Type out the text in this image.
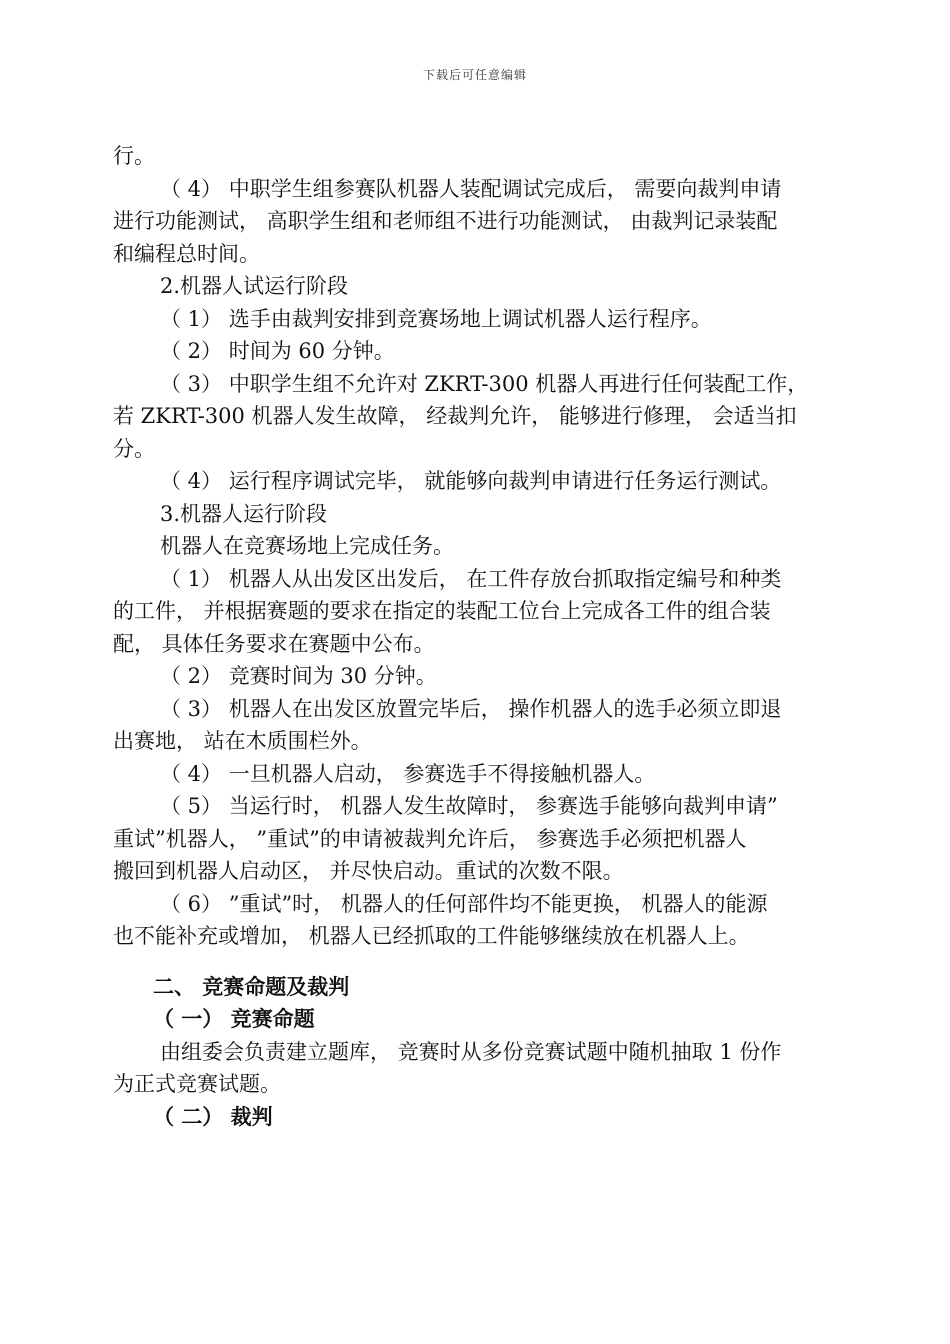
下载后可任意编辑
行。
（ 4） 中职学生组参赛队机器人装配调试完成后， 需要向裁判申请
进行功能测试， 高职学生组和老师组不进行功能测试， 由裁判记录装配
和编程总时间。
2.机器人试运行阶段
（ 1） 选手由裁判安排到竞赛场地上调试机器人运行程序。
（ 2） 时间为 60 分钟。
（ 3） 中职学生组不允许对 ZKRT-300 机器人再进行任何装配工作，
若 ZKRT-300 机器人发生故障， 经裁判允许， 能够进行修理， 会适当扣
分。
（ 4） 运行程序调试完毕， 就能够向裁判申请进行任务运行测试。
3.机器人运行阶段
机器人在竞赛场地上完成任务。
（ 1） 机器人从出发区出发后， 在工件存放台抓取指定编号和种类
的工件， 并根据赛题的要求在指定的装配工位台上完成各工件的组合装
配， 具体任务要求在赛题中公布。
（ 2） 竞赛时间为 30 分钟。
（ 3） 机器人在出发区放置完毕后， 操作机器人的选手必须立即退
出赛地， 站在木质围栏外。
（ 4） 一旦机器人启动， 参赛选手不得接触机器人。
（ 5） 当运行时， 机器人发生故障时， 参赛选手能够向裁判申请”
重试”机器人， ”重试”的申请被裁判允许后， 参赛选手必须把机器人
搬回到机器人启动区， 并尽快启动。重试的次数不限。
（ 6） ”重试”时， 机器人的任何部件均不能更换， 机器人的能源
也不能补充或增加， 机器人已经抓取的工件能够继续放在机器人上。
二、 竞赛命题及裁判
（ 一） 竞赛命题
由组委会负责建立题库， 竞赛时从多份竞赛试题中随机抽取 1 份作
为正式竞赛试题。
（ 二） 裁判
